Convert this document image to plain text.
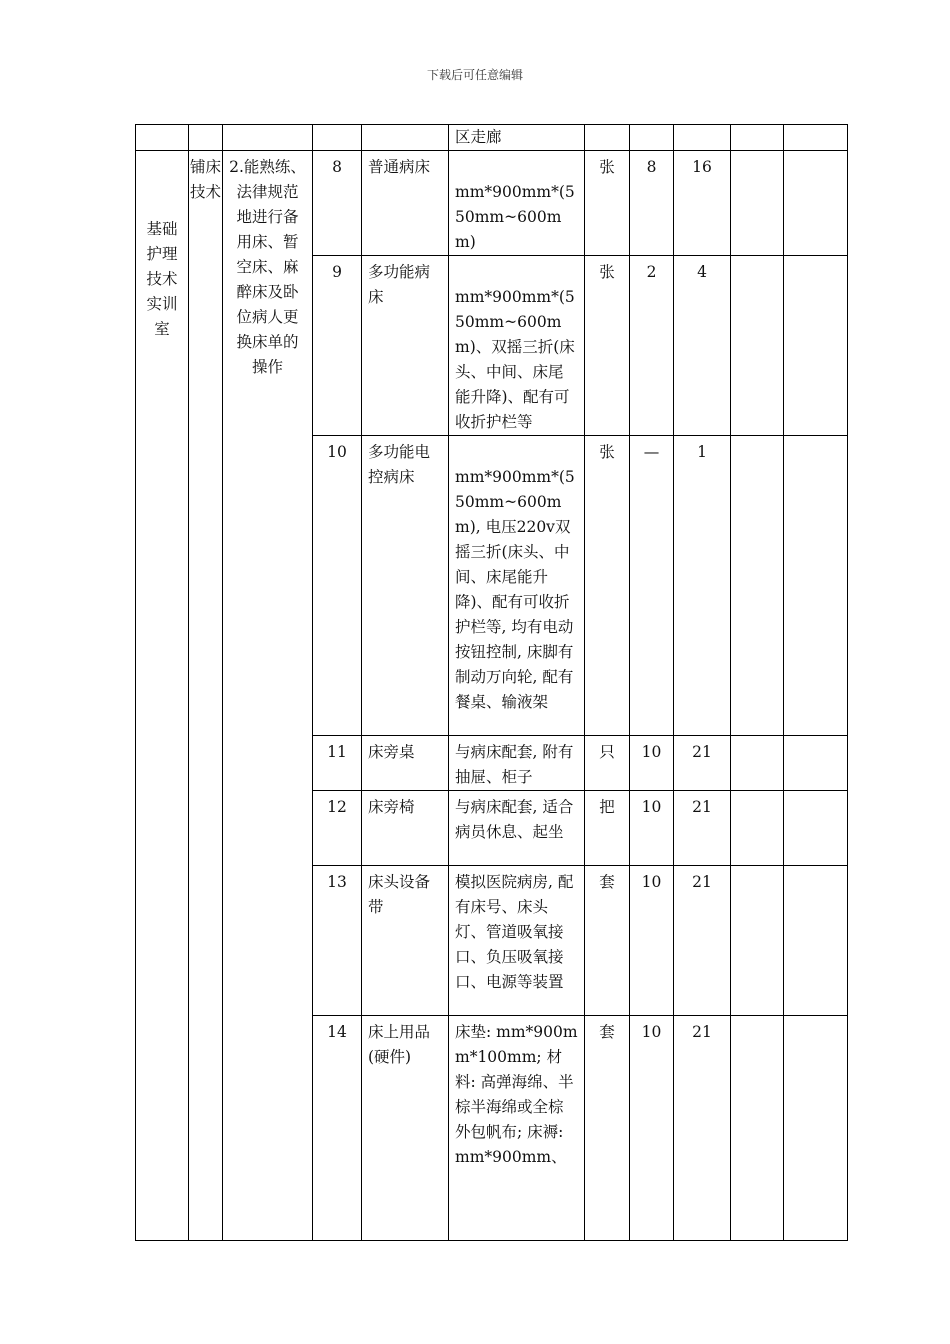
下载后可任意编辑
					区走廊					
基础护理技术实训室	铺床技术	2.能熟练、法律规范地进行备用床、暂空床、麻醉床及卧位病人更换床单的操作	8	普通病床	mm*900mm*(550mm~600mm)	张	8	16		
			9	多功能病床	mm*900mm*(550mm~600mm)、双摇三折(床头、中间、床尾能升降)、配有可收折护栏等	张	2	4		
			10	多功能电控病床	mm*900mm*(550mm~600mm), 电压220v双摇三折(床头、中间、床尾能升降)、配有可收折护栏等, 均有电动按钮控制, 床脚有制动万向轮, 配有餐桌、输液架	张	—	1		
			11	床旁桌	与病床配套, 附有抽屉、柜子	只	10	21		
			12	床旁椅	与病床配套, 适合病员休息、起坐	把	10	21		
			13	床头设备带	模拟医院病房, 配有床号、床头灯、管道吸氧接口、负压吸氧接口、电源等装置	套	10	21		
			14	床上用品(硬件)	床垫: mm*900mm*100mm; 材料: 高弹海绵、半棕半海绵或全棕外包帆布; 床褥: mm*900mm、	套	10	21		
